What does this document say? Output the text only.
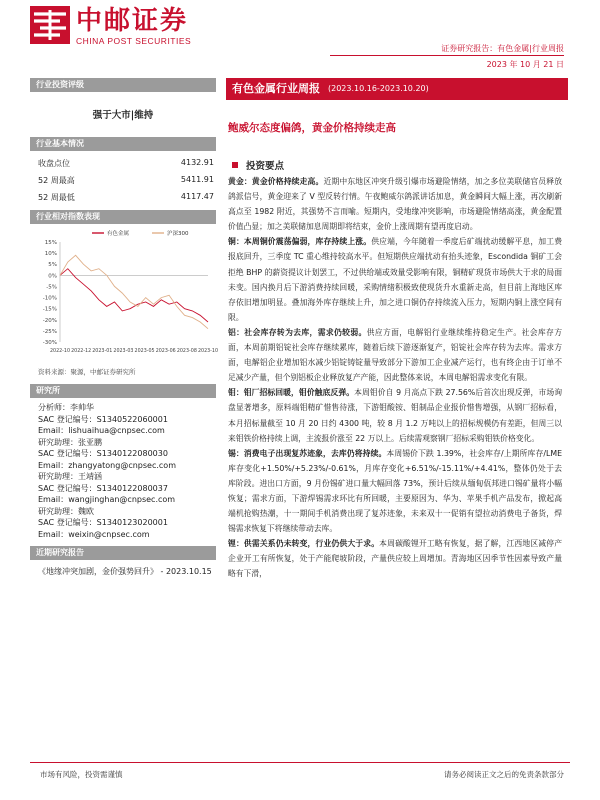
中邮证券
CHINA POST SECURITIES
证券研究报告：有色金属|行业周报
2023 年 10 月 21 日
行业投资评级
强于大市|维持
行业基本情况
收盘点位	4132.91
52 周最高	5411.91
52 周最低	4117.47
行业相对指数表现
15%
10%
5%
0%
-5%
-10%
-15%
-20%
-25%
-30%
2022-10 2022-12 2023-01 2023-03 2023-05 2023-06 2023-08 2023-10
有色金属	沪深300
资料来源：聚源，中邮证券研究所
研究所
分析师：李帅华
SAC 登记编号：S1340522060001
Email：lishuaihua@cnpsec.com
研究助理：张亚鹏
SAC 登记编号：S1340122080030
Email：zhangyatong@cnpsec.com
研究助理：王靖涵
SAC 登记编号：S1340122080037
Email：wangjinghan@cnpsec.com
研究助理：魏欧
SAC 登记编号：S1340123020001
Email：weixin@cnpsec.com
近期研究报告
《地缘冲突加剧，金价强势回升》 - 2023.10.15
有色金属行业周报 (2023.10.16-2023.10.20)
鲍威尔态度偏鸽，黄金价格持续走高
投资要点

黄金：黄金价格持续走高。近期中东地区冲突升级引爆市场避险情绪，加之多位美联储官员释放鸽派信号，黄金迎来了 V 型反转行情。午夜鲍威尔鸽派讲话加息，黄金瞬间大幅上涨，再次刷新高点至 1982 附近，其强势不言而喻。短期内，受地缘冲突影响，市场避险情绪高涨，黄金配置价值凸显；加之美联储加息周期即将结束，金价上涨周期有望再度启动。

铜：本周铜价震荡偏弱，库存持续上涨。供应端，今年随着一季度后矿端扰动缓解平息，加工费报底回升，三季度 TC 重心维持较高水平。但短期供应端扰动有抬头迹象，Escondida 铜矿工会拒绝 BHP 的薪资提议计划罢工，不过供给端或效量受影响有限，铜精矿现货市场供大于求的局面未变。国内换月后下游消费持续回暖，采购情绪积极致使现货升水重新走高，但目前上海地区库存依旧增加明显。叠加海外库存继续上升，加之进口铜仍存持续流入压力，短期内铜上涨空间有限。

铝：社会库存转为去库，需求仍较弱。供应方面，电解铝行业继续维持稳定生产。社会库存方面，本周前期铝锭社会库存继续累库，随着后续下游逐渐复产，铝锭社会库存转为去库。需求方面，电解铝企业增加铝水减少铝锭铸锭量导致部分下游加工企业减产运行，也有终企由于订单不足减少产量，但个别铝板企业释放复产产能，因此整体来说，本周电解铝需求变化有限。

钼：钼厂招标回暖，钼价触底反弹。本周钼价自 9 月高点下跌 27.56%后首次出现反弹，市场询盘显著增多，原料端钼精矿惜售待涨，下游钼酸铵、钼制品企业报价惜售增强，从钢厂招标看，本月招标量截至 10 月 20 日约 4300 吨，较 8 月 1.2 万吨以上的招标规模仍有差距，但周三以来钼铁价格持续上调，主流报价涨至 22 万以上。后续需观察钢厂招标采购钼铁价格变化。

锡：消费电子出现复苏迹象，去库仍将持续。本周锡价下跌 1.39%，社会库存/上期所库存/LME 库存变化+1.50%/+5.23%/-0.61%，月库存变化+6.51%/-15.11%/+4.41%，整体仍处于去库阶段。进出口方面，9 月份锡矿进口量大幅回落 73%，预计后续从缅甸佤邦进口锡矿量将小幅恢复；需求方面，下游焊锡需求环比有所回暖，主要原因为、华为、苹果手机产品发布，掀起高端机抢购热潮，十一期间手机消费出现了复苏迹象，未来双十一促销有望拉动消费电子备货，焊锡需求恢复下将继续带动去库。

锂：供需关系仍未转变，行业仍供大于求。本周碳酸锂开工略有恢复，据了解，江西地区减停产企业开工有所恢复，处于产能爬坡阶段，产量供应较上周增加。青海地区因季节性因素导致产量略有下滑，

市场有风险，投资需谨慎	请务必阅读正文之后的免责条款部分
